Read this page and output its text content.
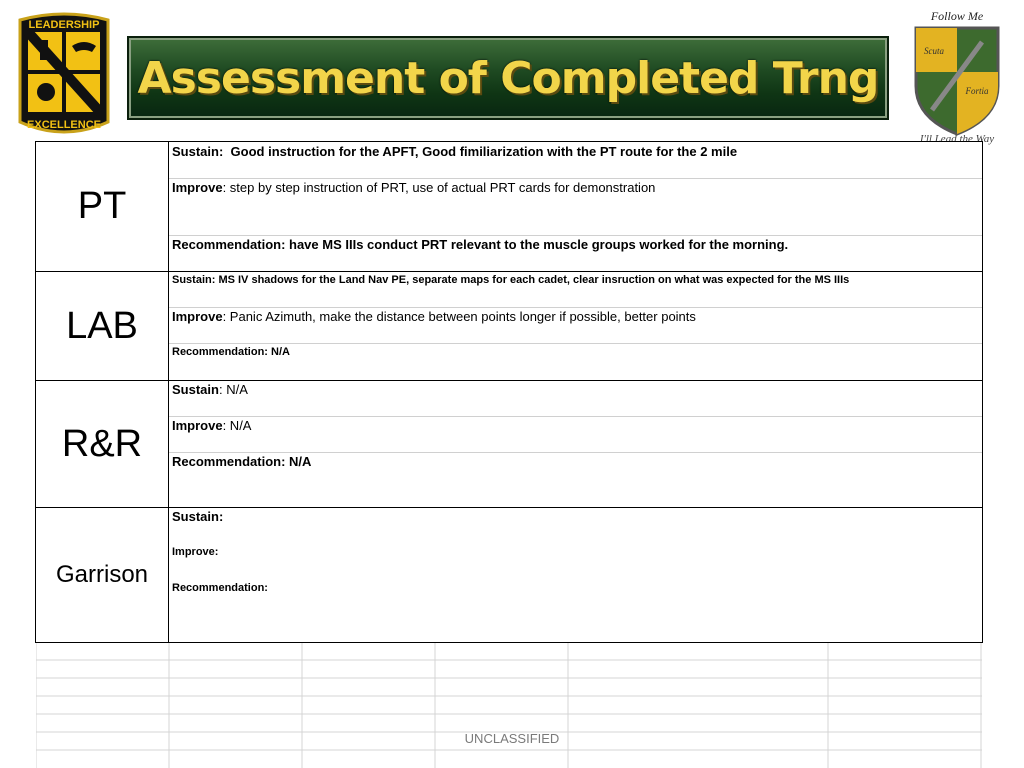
LEADERSHIP
EXCELLENCE
Assessment of Completed Trng
Follow Me
Scuta
Fortia
I'll Lead the Way
PT	Sustain: Good instruction for the APFT, Good fimiliarization with the PT route for the 2 mile
Improve: step by step instruction of PRT, use of actual PRT cards for demonstration
Recommendation: have MS IIIs conduct PRT relevant to the muscle groups worked for the morning.

LAB	Sustain: MS IV shadows for the Land Nav PE, separate maps for each cadet, clear insruction on what was expected for the MS IIIs
Improve: Panic Azimuth, make the distance between points longer if possible, better points
Recommendation: N/A

R&R	Sustain: N/A
Improve: N/A
Recommendation: N/A

Garrison	Sustain:
Improve:
Recommendation:
UNCLASSIFIED
